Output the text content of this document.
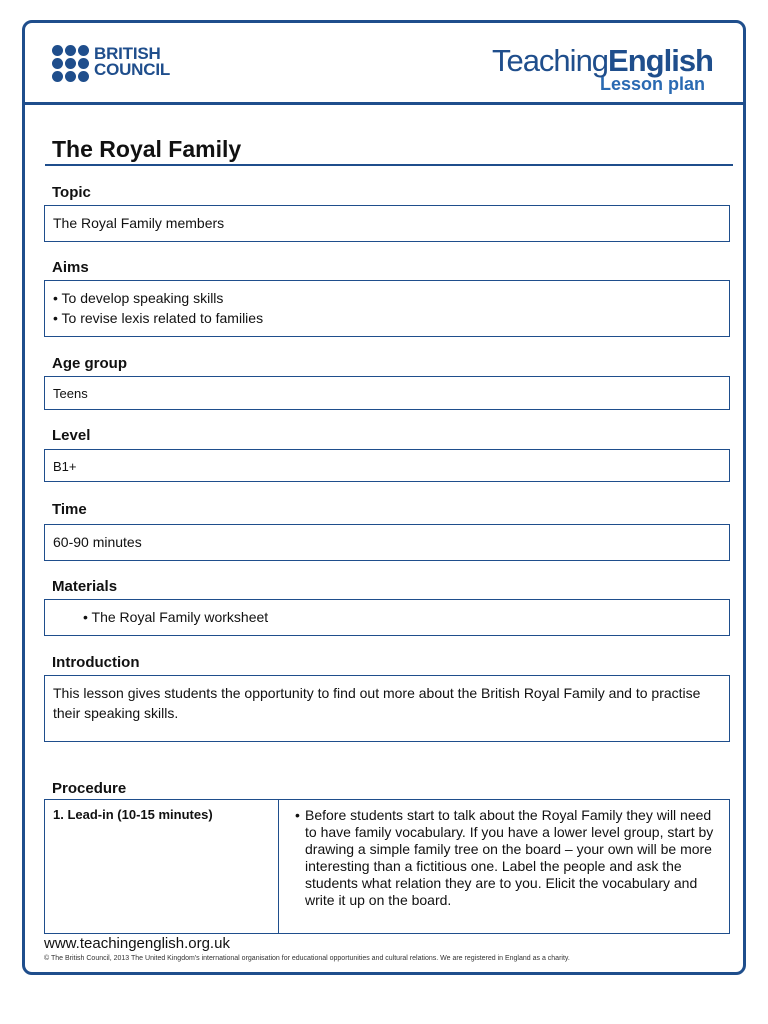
BRITISH
COUNCIL	TeachingEnglish
Lesson plan
The Royal Family
Topic
The Royal Family members
Aims
• To develop speaking skills
• To revise lexis related to families
Age group
Teens
Level
B1+
Time
60-90 minutes
Materials
• The Royal Family worksheet
Introduction
This lesson gives students the opportunity to find out more about the British Royal Family and to practise their speaking skills.
Procedure
1. Lead-in (10-15 minutes)
•	Before students start to talk about the Royal Family they will need to have family vocabulary. If you have a lower level group, start by drawing a simple family tree on the board – your own will be more interesting than a fictitious one. Label the people and ask the students what relation they are to you. Elicit the vocabulary and write it up on the board.
www.teachingenglish.org.uk
© The British Council, 2013 The United Kingdom's international organisation for educational opportunities and cultural relations. We are registered in England as a charity.
